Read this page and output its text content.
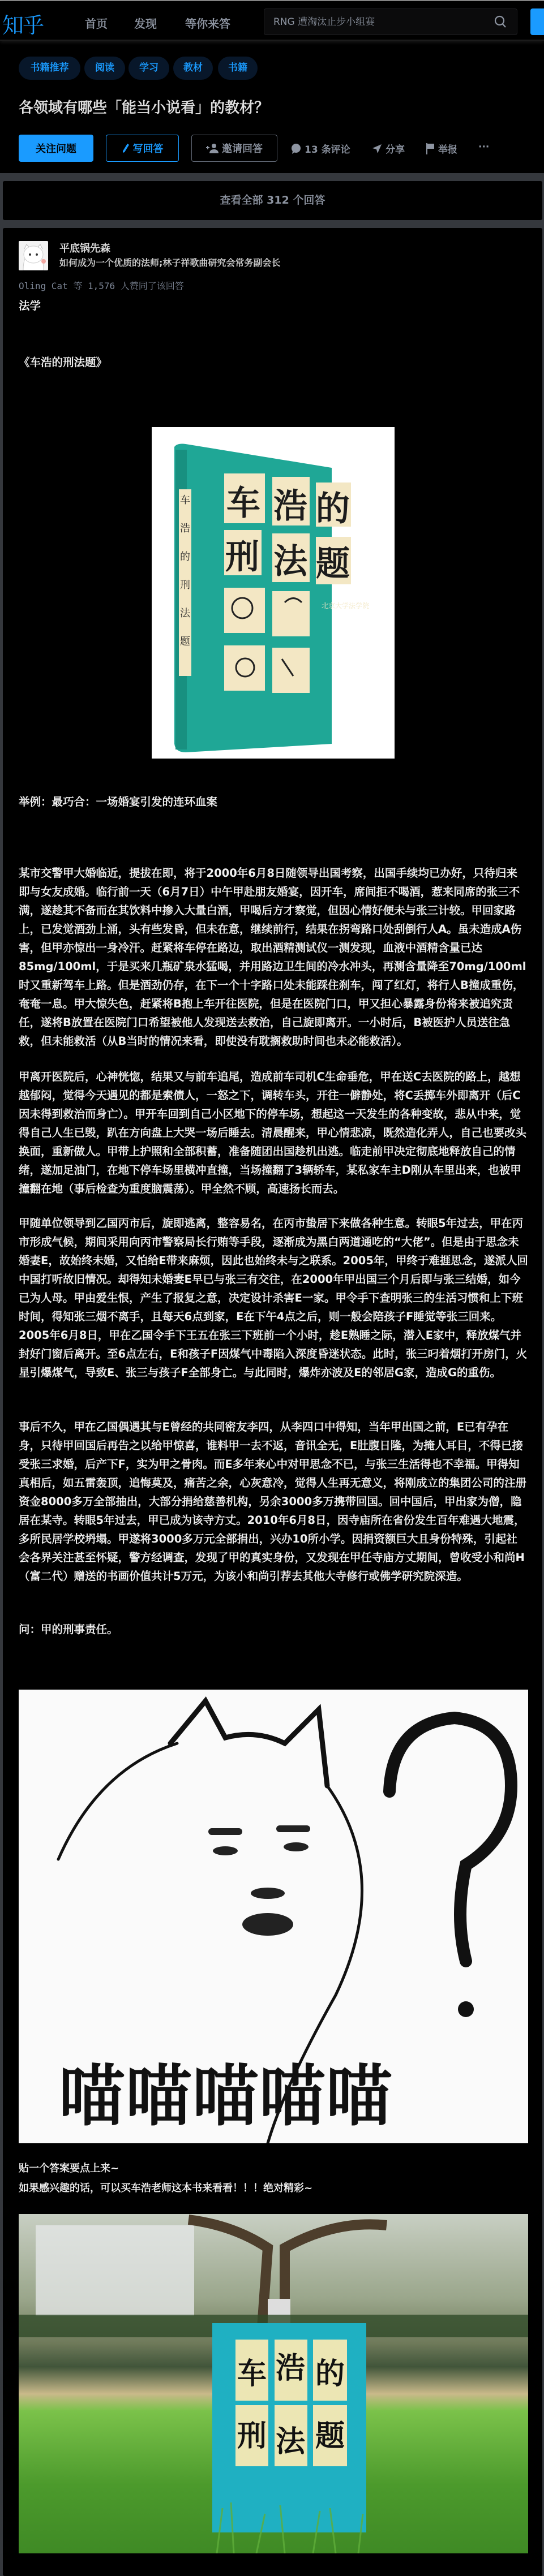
知乎	首页 发现	等你来答
RNG 遭淘汰止步小组赛
书籍推荐	阅读	学习	教材	书籍
各领域有哪些「能当小说看」的教材？
关注问题	写回答	邀请回答	13 条评论	分享	举报 ···
查看全部 312 个回答
平底锅先森
如何成为一个优质的法师;林子祥歌曲研究会常务副会长
Oling Cat 等 1,576 人赞同了该回答
法学
《车浩的刑法题》
车 浩 的
刑 法 题
车
浩
的
刑
法
题
北京大学法学院
举例：最巧合：一场婚宴引发的连环血案
某市交警甲大婚临近，提拔在即，将于2000年6月8日随领导出国考察，出国手续均已办好，只待归来即与女友成婚。临行前一天（6月7日）中午甲赴朋友婚宴，因开车，席间拒不喝酒，惹来同席的张三不满，遂趁其不备而在其饮料中掺入大量白酒，甲喝后方才察觉，但因心情好便未与张三计较。甲回家路上，已发觉酒劲上涌，头有些发昏，但未在意，继续前行，结果在拐弯路口处刮倒行人A。虽未造成A伤害，但甲亦惊出一身冷汗。赶紧将车停在路边，取出酒精测试仪一测发现，血液中酒精含量已达85mg/100ml，于是买来几瓶矿泉水猛喝，并用路边卫生间的冷水冲头，再测含量降至70mg/100ml时又重新驾车上路。但是酒劲仍存，在下一个十字路口处未能踩住刹车，闯了红灯，将行人B撞成重伤，奄奄一息。甲大惊失色，赶紧将B抱上车开往医院，但是在医院门口，甲又担心暴露身份将来被追究责任，遂将B放置在医院门口希望被他人发现送去救治，自己旋即离开。一小时后，B被医护人员送往急救，但未能救活（从B当时的情况来看，即使没有耽搁救助时间也未必能救活）。
甲离开医院后，心神恍惚，结果又与前车追尾，造成前车司机C生命垂危，甲在送C去医院的路上，越想越郁闷，觉得今天遇见的都是索债人，一怒之下，调转车头，开往一僻静处，将C丢掷车外即离开（后C因未得到救治而身亡）。甲开车回到自己小区地下的停车场，想起这一天发生的各种变故，悲从中来，觉得自己人生已毁，趴在方向盘上大哭一场后睡去。清晨醒来，甲心情悲凉，既然造化弄人，自己也要改头换面，重新做人。甲带上护照和全部积蓄，准备随团出国趁机出逃。临走前甲决定彻底地释放自己的情绪，遂加足油门，在地下停车场里横冲直撞，当场撞翻了3辆轿车，某私家车主D刚从车里出来，也被甲撞翻在地（事后检查为重度脑震荡）。甲全然不顾，高速扬长而去。
甲随单位领导到乙国丙市后，旋即逃离，整容易名，在丙市蛰居下来做各种生意。转眼5年过去，甲在丙市形成气候，期间采用向丙市警察局长行贿等手段，逐渐成为黑白两道通吃的“大佬”。但是由于思念未婚妻E，故始终未婚，又怕给E带来麻烦，因此也始终未与之联系。2005年，甲终于难捱思念，遂派人回中国打听故旧情况。却得知未婚妻E早已与张三有交往，在2000年甲出国三个月后即与张三结婚，如今已为人母。甲由爱生恨，产生了报复之意，决定设计杀害E一家。甲令手下查明张三的生活习惯和上下班时间，得知张三烟不离手，且每天6点到家，E在下午4点之后，则一般会陪孩子F睡觉等张三回来。2005年6月8日，甲在乙国令手下王五在张三下班前一个小时，趁E熟睡之际，潜入E家中，释放煤气并封好门窗后离开。至6点左右，E和孩子F因煤气中毒陷入深度昏迷状态。此时，张三叼着烟打开房门，火星引爆煤气，导致E、张三与孩子F全部身亡。与此同时，爆炸亦波及E的邻居G家，造成G的重伤。
事后不久，甲在乙国偶遇其与E曾经的共同密友李四，从李四口中得知，当年甲出国之前，E已有孕在身，只待甲回国后再告之以给甲惊喜，谁料甲一去不返，音讯全无，E肚腹日隆，为掩人耳目，不得已接受张三求婚，后产下F，实为甲之骨肉。而E多年来心中对甲思念不已，与张三生活得也不幸福。甲得知真相后，如五雷轰顶，追悔莫及，痛苦之余，心灰意冷，觉得人生再无意义，将刚成立的集团公司的注册资金8000多万全部抽出，大部分捐给慈善机构，另余3000多万携带回国。回中国后，甲出家为僧，隐居在某寺。转眼5年过去，甲已成为该寺方丈。2010年6月8日，因寺庙所在省份发生百年难遇大地震，多所民居学校坍塌。甲遂将3000多万元全部捐出，兴办10所小学。因捐资额巨大且身份特殊，引起社会各界关注甚至怀疑，警方经调查，发现了甲的真实身份，又发现在甲任寺庙方丈期间，曾收受小和尚H（富二代）赠送的书画价值共计5万元，为该小和尚引荐去其他大寺修行或佛学研究院深造。
问：甲的刑事责任。
喵喵喵喵喵
贴一个答案要点上来~
如果感兴趣的话，可以买车浩老师这本书来看看！！！绝对精彩~
车 浩 的
刑 法 题
